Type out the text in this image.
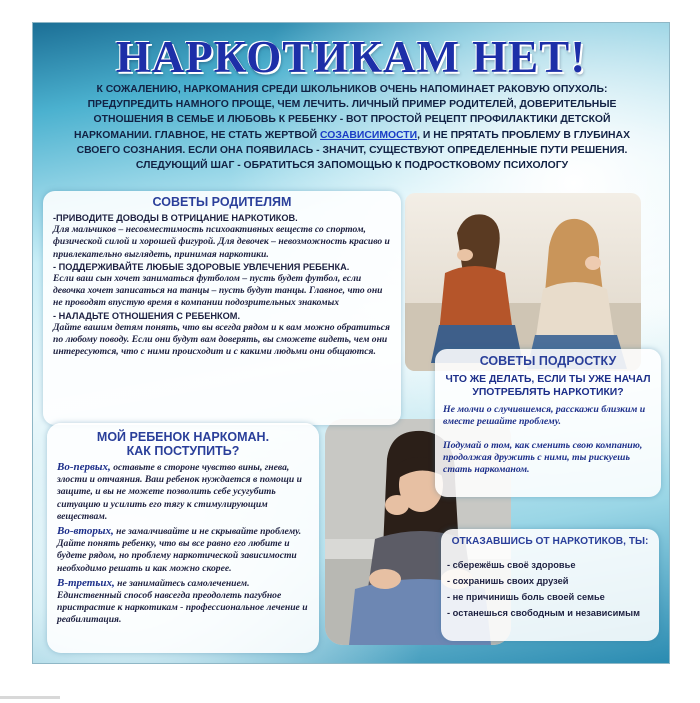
НАРКОТИКАМ НЕТ!
К СОЖАЛЕНИЮ, НАРКОМАНИЯ СРЕДИ ШКОЛЬНИКОВ ОЧЕНЬ НАПОМИНАЕТ РАКОВУЮ ОПУХОЛЬ: ПРЕДУПРЕДИТЬ НАМНОГО ПРОЩЕ, ЧЕМ ЛЕЧИТЬ. ЛИЧНЫЙ ПРИМЕР РОДИТЕЛЕЙ, ДОВЕРИТЕЛЬНЫЕ ОТНОШЕНИЯ В СЕМЬЕ И ЛЮБОВЬ К РЕБЕНКУ - ВОТ ПРОСТОЙ РЕЦЕПТ ПРОФИЛАКТИКИ ДЕТСКОЙ НАРКОМАНИИ. ГЛАВНОЕ, НЕ СТАТЬ ЖЕРТВОЙ СОЗАВИСИМОСТИ, И НЕ ПРЯТАТЬ ПРОБЛЕМУ В ГЛУБИНАХ СВОЕГО СОЗНАНИЯ. ЕСЛИ ОНА ПОЯВИЛАСЬ - ЗНАЧИТ, СУЩЕСТВУЮТ ОПРЕДЕЛЕННЫЕ ПУТИ РЕШЕНИЯ. СЛЕДУЮЩИЙ ШАГ - ОБРАТИТЬСЯ ЗАПОМОЩЬЮ К ПОДРОСТКОВОМУ ПСИХОЛОГУ
СОВЕТЫ РОДИТЕЛЯМ
-ПРИВОДИТЕ ДОВОДЫ В ОТРИЦАНИЕ НАРКОТИКОВ.
Для мальчиков – несовместимость психоактивных веществ со спортом, физической силой и хорошей фигурой. Для девочек – невозможность красиво и привлекательно выглядеть, принимая наркотики.
- ПОДДЕРЖИВАЙТЕ ЛЮБЫЕ ЗДОРОВЫЕ УВЛЕЧЕНИЯ РЕБЕНКА.
Если ваш сын хочет заниматься футболом – пусть будет футбол, если девочка хочет записаться на танцы – пусть будут танцы. Главное, что они не проводят впустую время в компании подозрительных знакомых
- НАЛАДЬТЕ ОТНОШЕНИЯ С РЕБЕНКОМ.
Дайте вашим детям понять, что вы всегда рядом и к вам можно обратиться по любому поводу. Если они будут вам доверять, вы сможете видеть, чем они интересуются, что с ними происходит и с какими людьми они общаются.
МОЙ РЕБЕНОК НАРКОМАН.
КАК ПОСТУПИТЬ?
Во-первых, оставьте в стороне чувство вины, гнева, злости и отчаяния. Ваш ребенок нуждается в помощи и защите, и вы не можете позволить себе усугубить ситуацию и усилить его тягу к стимулирующим веществам.
Во-вторых, не замалчивайте и не скрывайте проблему. Дайте понять ребенку, что вы все равно его любите и будете рядом, но проблему наркотической зависимости необходимо решать и как можно скорее.
В-третьих, не занимайтесь самолечением. Единственный способ навсегда преодолеть пагубное пристрастие к наркотикам - профессиональное лечение и реабилитация.
СОВЕТЫ ПОДРОСТКУ
ЧТО ЖЕ ДЕЛАТЬ, ЕСЛИ ТЫ УЖЕ НАЧАЛ УПОТРЕБЛЯТЬ НАРКОТИКИ?
Не молчи о случившемся, расскажи близким и вместе решайте проблему.
Подумай о том, как сменить свою компанию, продолжая дружить с ними, ты рискуешь стать наркоманом.
ОТКАЗАВШИСЬ ОТ НАРКОТИКОВ, ТЫ:
- сбережёшь своё здоровье
- сохранишь своих друзей
- не причинишь боль своей семье
- останешься свободным и независимым
